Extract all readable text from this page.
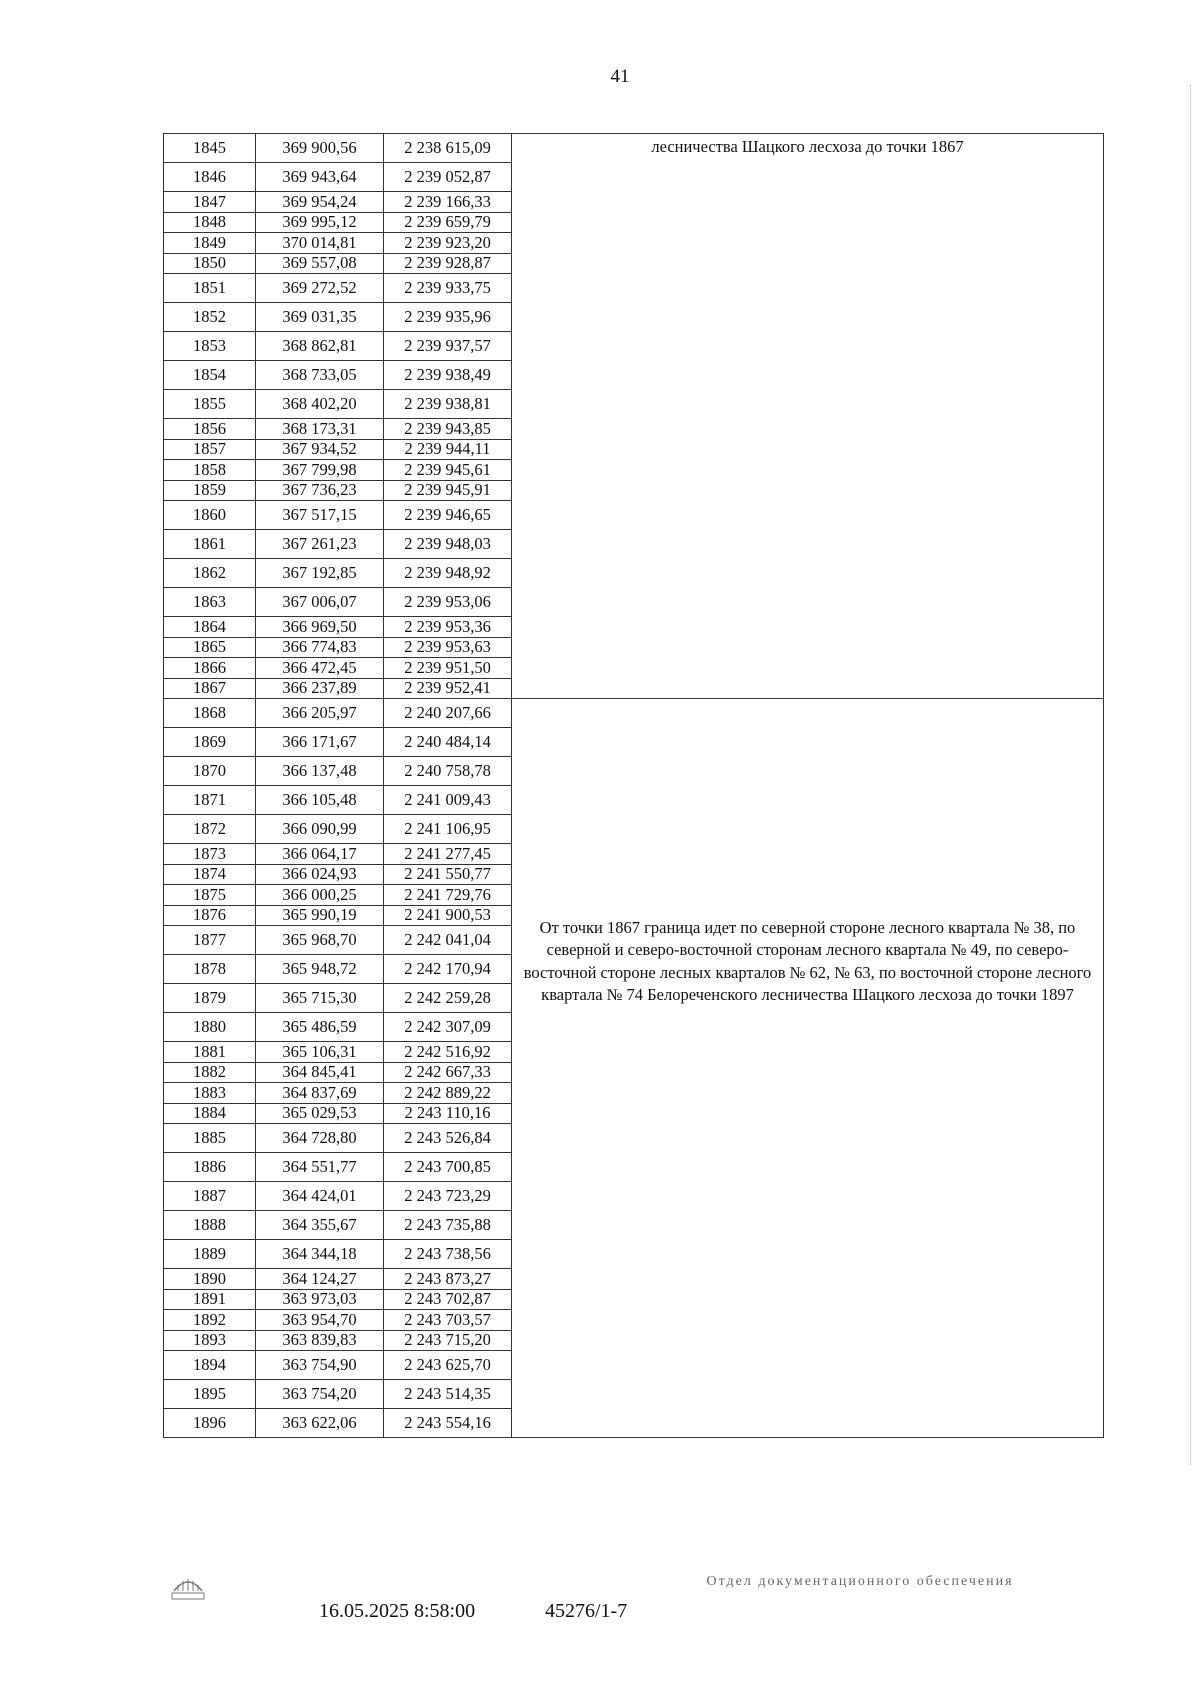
41
1845	369 900,56	2 238 615,09	лесничества Шацкого лесхоза до точки 1867

1846	369 943,64	2 239 052,87	
1847	369 954,24	2 239 166,33	
1848	369 995,12	2 239 659,79	
1849	370 014,81	2 239 923,20	
1850	369 557,08	2 239 928,87	
1851	369 272,52	2 239 933,75	
1852	369 031,35	2 239 935,96	
1853	368 862,81	2 239 937,57	
1854	368 733,05	2 239 938,49	
1855	368 402,20	2 239 938,81	
1856	368 173,31	2 239 943,85	
1857	367 934,52	2 239 944,11	
1858	367 799,98	2 239 945,61	
1859	367 736,23	2 239 945,91	
1860	367 517,15	2 239 946,65	
1861	367 261,23	2 239 948,03	
1862	367 192,85	2 239 948,92	
1863	367 006,07	2 239 953,06	
1864	366 969,50	2 239 953,36	
1865	366 774,83	2 239 953,63	
1866	366 472,45	2 239 951,50	
1867	366 237,89	2 239 952,41	
1868	366 205,97	2 240 207,66	От точки 1867 граница идет по северной стороне лесного квартала № 38, по северной и северо-восточной сторонам лесного квартала № 49, по северо-восточной стороне лесных кварталов № 62, № 63, по восточной стороне лесного квартала № 74 Белореченского лесничества Шацкого лесхоза до точки 1897

1869	366 171,67	2 240 484,14	
1870	366 137,48	2 240 758,78	
1871	366 105,48	2 241 009,43	
1872	366 090,99	2 241 106,95	
1873	366 064,17	2 241 277,45	
1874	366 024,93	2 241 550,77	
1875	366 000,25	2 241 729,76	
1876	365 990,19	2 241 900,53	
1877	365 968,70	2 242 041,04	
1878	365 948,72	2 242 170,94	
1879	365 715,30	2 242 259,28	
1880	365 486,59	2 242 307,09	
1881	365 106,31	2 242 516,92	
1882	364 845,41	2 242 667,33	
1883	364 837,69	2 242 889,22	
1884	365 029,53	2 243 110,16	
1885	364 728,80	2 243 526,84	
1886	364 551,77	2 243 700,85	
1887	364 424,01	2 243 723,29	
1888	364 355,67	2 243 735,88	
1889	364 344,18	2 243 738,56	
1890	364 124,27	2 243 873,27	
1891	363 973,03	2 243 702,87	
1892	363 954,70	2 243 703,57	
1893	363 839,83	2 243 715,20	
1894	363 754,90	2 243 625,70	
1895	363 754,20	2 243 514,35	
1896	363 622,06	2 243 554,16	
16.05.2025 8:58:00	45276/1-7
Отдел документационного обеспечения
